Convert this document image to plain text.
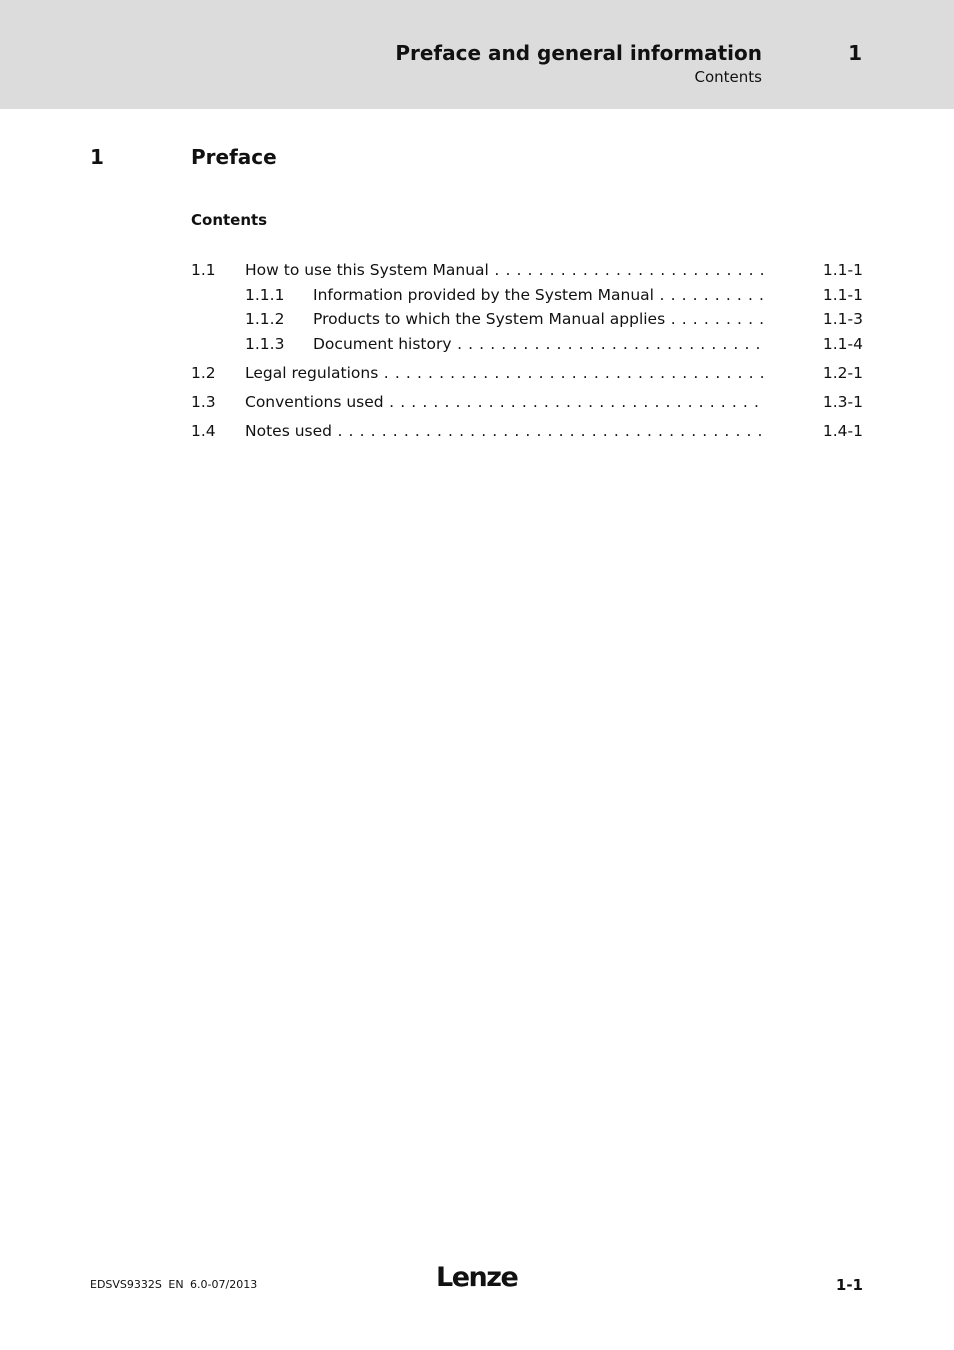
Preface and general information	1
Contents
1	Preface
Contents
1.1 How to use this System Manual . . .	1.1-1
1.1.1 Information provided by the System Manual . . .	1.1-1
1.1.2 Products to which the System Manual applies . . .	1.1-3
1.1.3 Document history . . .	1.1-4
1.2 Legal regulations . . .	1.2-1
1.3 Conventions used . . .	1.3-1
1.4 Notes used . . .	1.4-1
EDSVS9332S EN 6.0-07/2013	Lenze	1-1
